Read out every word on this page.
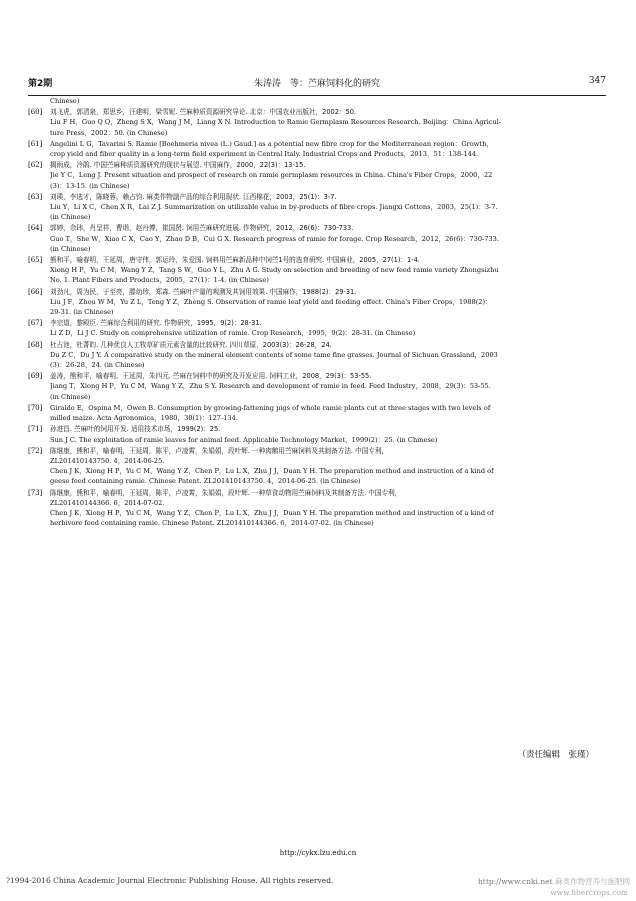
第2期	朱涛涛　等：苎麻饲料化的研究	347
Chinese)
[60] 刘飞虎，郭清泉，郑思乡，汪建明，梁雪妮. 苎麻种质资源研究导论. 北京：中国农业出版社，2002：50.
Liu F H，Guo Q Q，Zheng S X，Wang J M，Liang X N. Introduction to Ramie Germplasm Resources Research. Beijing：China Agricul-
ture Press，2002：50. (in Chinese)
[61] Angelini L G，Tavarini S. Ramie [Boehmeria nivea (L.) Gaud.] as a potential new fibre crop for the Mediterranean region：Growth，
crop yield and fiber quality in a long-term field experiment in Central Italy. Industrial Crops and Products，2013，51：138-144.
[62] 揭雨成，冷鹃. 中国苎麻种质资源研究的现状与展望. 中国麻作，2000，22(3)：13-15.
Jie Y C，Leng J. Present situation and prospect of research on ramie germplasm resources in China. China's Fiber Crops，2000，22
(3)：13-15. (in Chinese)
[63] 刘瑛，李选才，陈晓蓉，赖占钧. 麻类作物副产品的综合利用现状. 江西棉花，2003，25(1)：3-7.
Liu Y，Li X C，Chen X R，Lai Z J. Summarization on utilizable value in by-products of fibre crops. Jiangxi Cottons，2003，25(1)：3-7.
(in Chinese)
[64] 郭婷，佘玮，肖呈祥，曹诣，赵丹博，崔国贤. 饲用苎麻研究进展. 作物研究，2012，26(6)：730-733.
Guo T，She W，Xiao C X，Cao Y，Zhao D B，Cui G X. Research progress of ramie for forage. Crop Research，2012，26(6)：730-733.
(in Chinese)
[65] 熊和平，喻春明，王延周，唐守伟，郭运玲，朱爱国. 饲料用苎麻新品种中饲苎1号的选育研究. 中国麻业，2005，27(1)：1-4.
Xiong H P，Yu C M，Wang Y Z，Tang S W，Guo Y L，Zhu A G. Study on selection and breeding of new feed ramie variety Zhongsizhu
No. 1. Plant Fibers and Products，2005，27(1)：1-4. (in Chinese)
[66] 刘劲凡，周为民，于至亮，滕幼珍，郑森. 苎麻叶产量的观测及其饲用效果. 中国麻作，1988(2)：29-31.
Liu J F，Zhou W M，Yu Z L，Teng Y Z，Zheng S. Observation of ramie leaf yield and feeding effect. China's Fiber Crops，1988(2)：
29-31. (in Chinese)
[67] 李宗道，黎殿臣. 苎麻综合利用的研究. 作物研究，1995，9(2)：28-31.
Li Z D，Li J C. Study on comprehensive utilization of ramie. Crop Research，1995，9(2)：28-31. (in Chinese)
[68] 杜占池，杜菁昀. 几种优良人工牧草矿质元素含量的比较研究. 四川草原，2003(3)：26-28，24.
Du Z C，Du J Y. A comparative study on the mineral element contents of some tame fine grasses. Journal of Sichuan Grassland，2003
(3)：26-28，24. (in Chinese)
[69] 姜涛，熊和平，喻春明，王延周，朱四元. 苎麻在饲料中的研究及开发应用. 饲料工业，2008，29(3)：53-55.
Jiang T，Xiong H P，Yu C M，Wang Y Z，Zhu S Y. Research and development of ramie in feed. Feed Industry，2008，29(3)：53-55.
(in Chinese)
[70] Giraldo E，Ospina M，Owen B. Consumption by growing-fattening pigs of whole ramie plants cut at three stages with two levels of
milled maize. Acta Agronomica，1980，30(1)：127-134.
[71] 孙进昌. 苎麻叶的饲用开发. 适用技术市场，1999(2)：25.
Sun J C. The exploitation of ramie leaves for animal feed. Applicable Technology Market，1999(2)：25. (in Chinese)
[72] 陈继康，熊和平，喻春明，王延周，陈平，卢凌霄，朱娟娟，段叶辉. 一种肉鹅用苎麻饲料及其制备方法. 中国专利，
ZL201410143750. 4，2014-06-25.
Chen J K，Xiong H P，Yu C M，Wang Y Z，Chen P，Lu L X，Zhu J J，Duan Y H. The preparation method and instruction of a kind of
geese feed containing ramie. Chinese Patent. ZL201410143750. 4，2014-06-25. (in Chinese)
[73] 陈继康，熊和平，喻春明，王延周，陈平，卢凌霄，朱娟娟，段叶辉. 一种草食动物用苎麻饲料及其制备方法. 中国专利，
ZL201410144366. 6，2014-07-02.
Chen J K，Xiong H P，Yu C M，Wang Y Z，Chen P，Lu L X，Zhu J J，Duan Y H. The preparation method and instruction of a kind of
herbivore feed containing ramie. Chinese Patent. ZL201410144366. 6，2014-07-02. (in Chinese)
（责任编辑　张瑾）
http://cykx.lzu.edu.cn
?1994-2016 China Academic Journal Electronic Publishing House. All rights reserved.	http://www.cnki.net 麻类作物营养与施肥网
www.fibercrops.com
